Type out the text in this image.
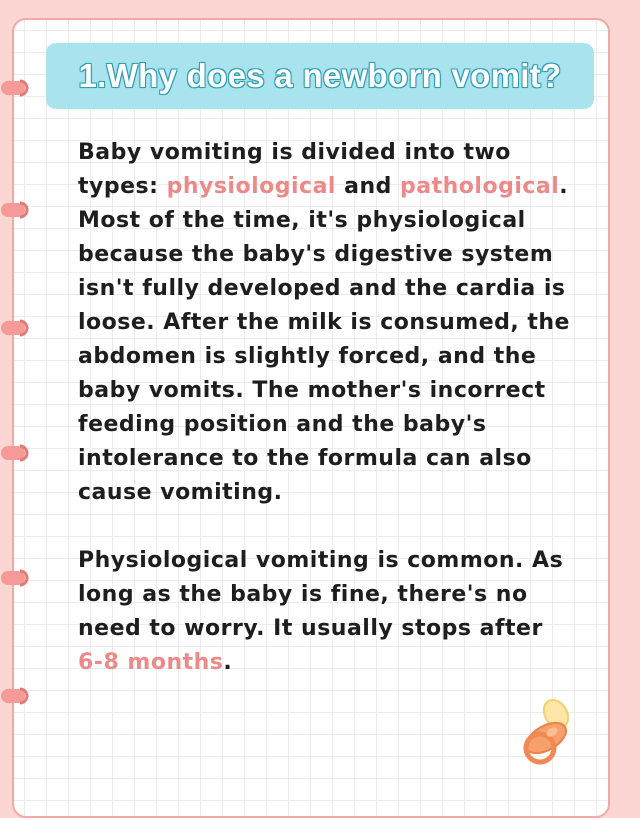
1.Why does a newborn vomit?

Baby vomiting is divided into two types: physiological and pathological. Most of the time, it's physiological because the baby's digestive system isn't fully developed and the cardia is loose. After the milk is consumed, the abdomen is slightly forced, and the baby vomits. The mother's incorrect feeding position and the baby's intolerance to the formula can also cause vomiting.

Physiological vomiting is common. As long as the baby is fine, there's no need to worry. It usually stops after 6-8 months.
